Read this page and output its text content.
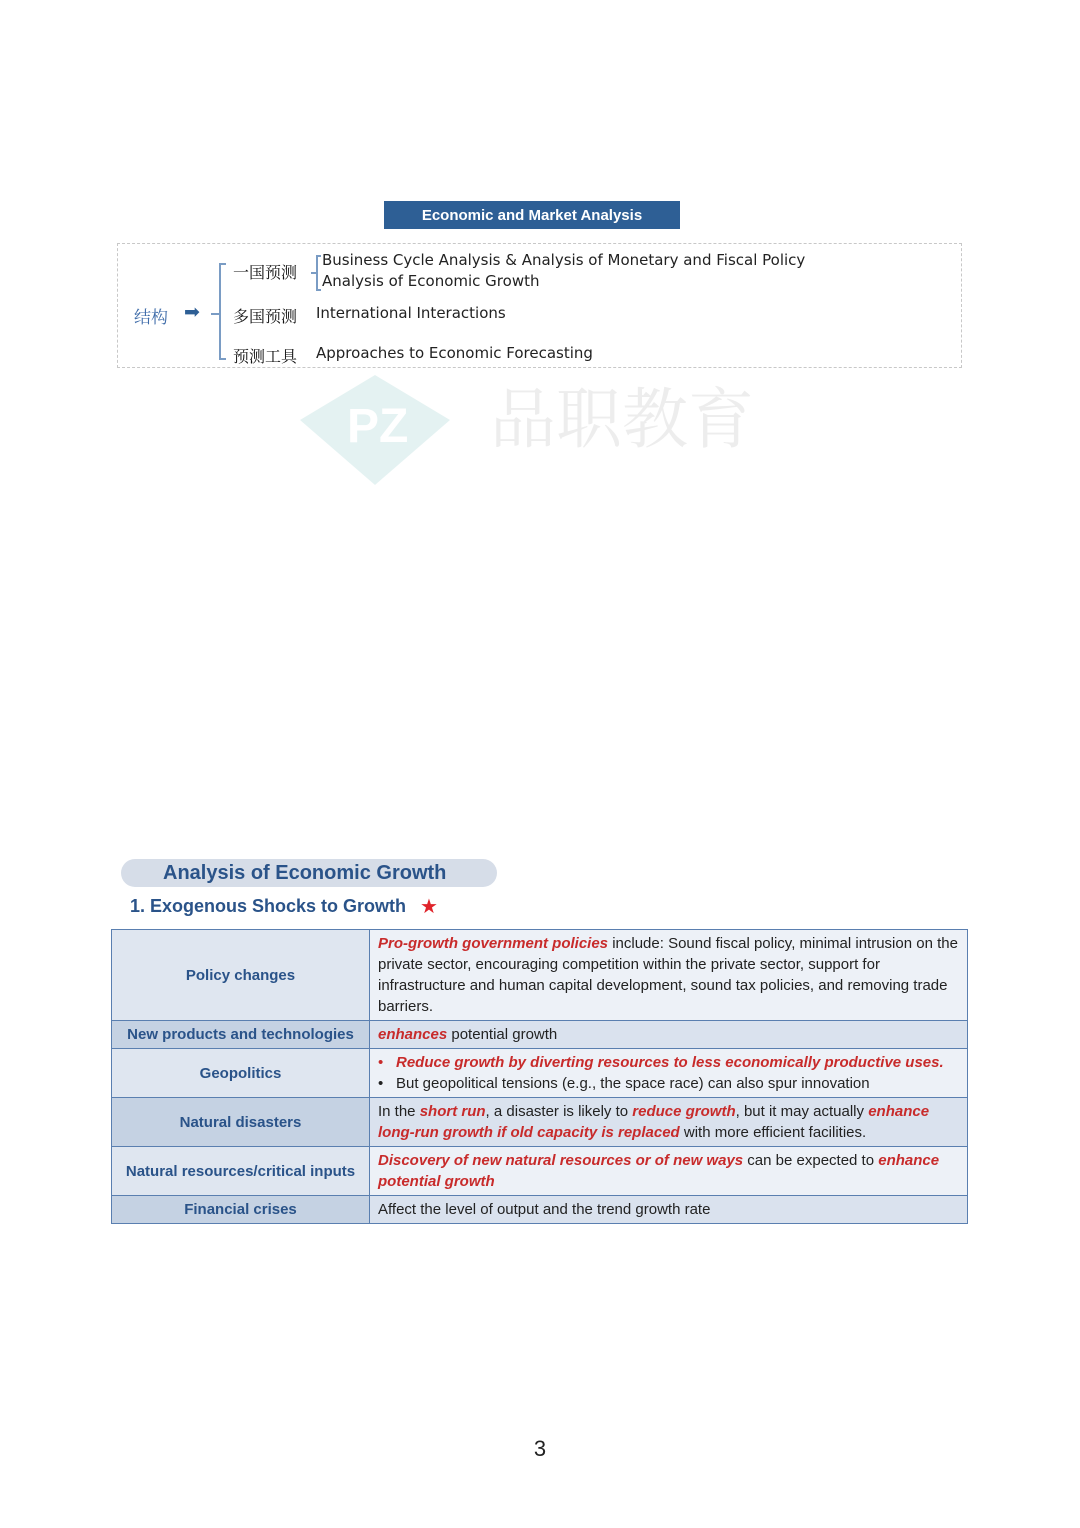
Economic and Market Analysis
结构 ➡
一国预测
Business Cycle Analysis & Analysis of Monetary and Fiscal Policy
Analysis of Economic Growth
多国预测 International Interactions
预测工具 Approaches to Economic Forecasting
PZ 品职教育
Analysis of Economic Growth
1. Exogenous Shocks to Growth ★
Policy changes	Pro-growth government policies include: Sound fiscal policy, minimal intrusion on the private sector, encouraging competition within the private sector, support for infrastructure and human capital development, sound tax policies, and removing trade barriers.
New products and technologies	enhances potential growth
Geopolitics	• Reduce growth by diverting resources to less economically productive uses.
• But geopolitical tensions (e.g., the space race) can also spur innovation

Natural disasters	In the short run, a disaster is likely to reduce growth, but it may actually enhance long-run growth if old capacity is replaced with more efficient facilities.
Natural resources/critical inputs	Discovery of new natural resources or of new ways can be expected to enhance potential growth
Financial crises	Affect the level of output and the trend growth rate
3
